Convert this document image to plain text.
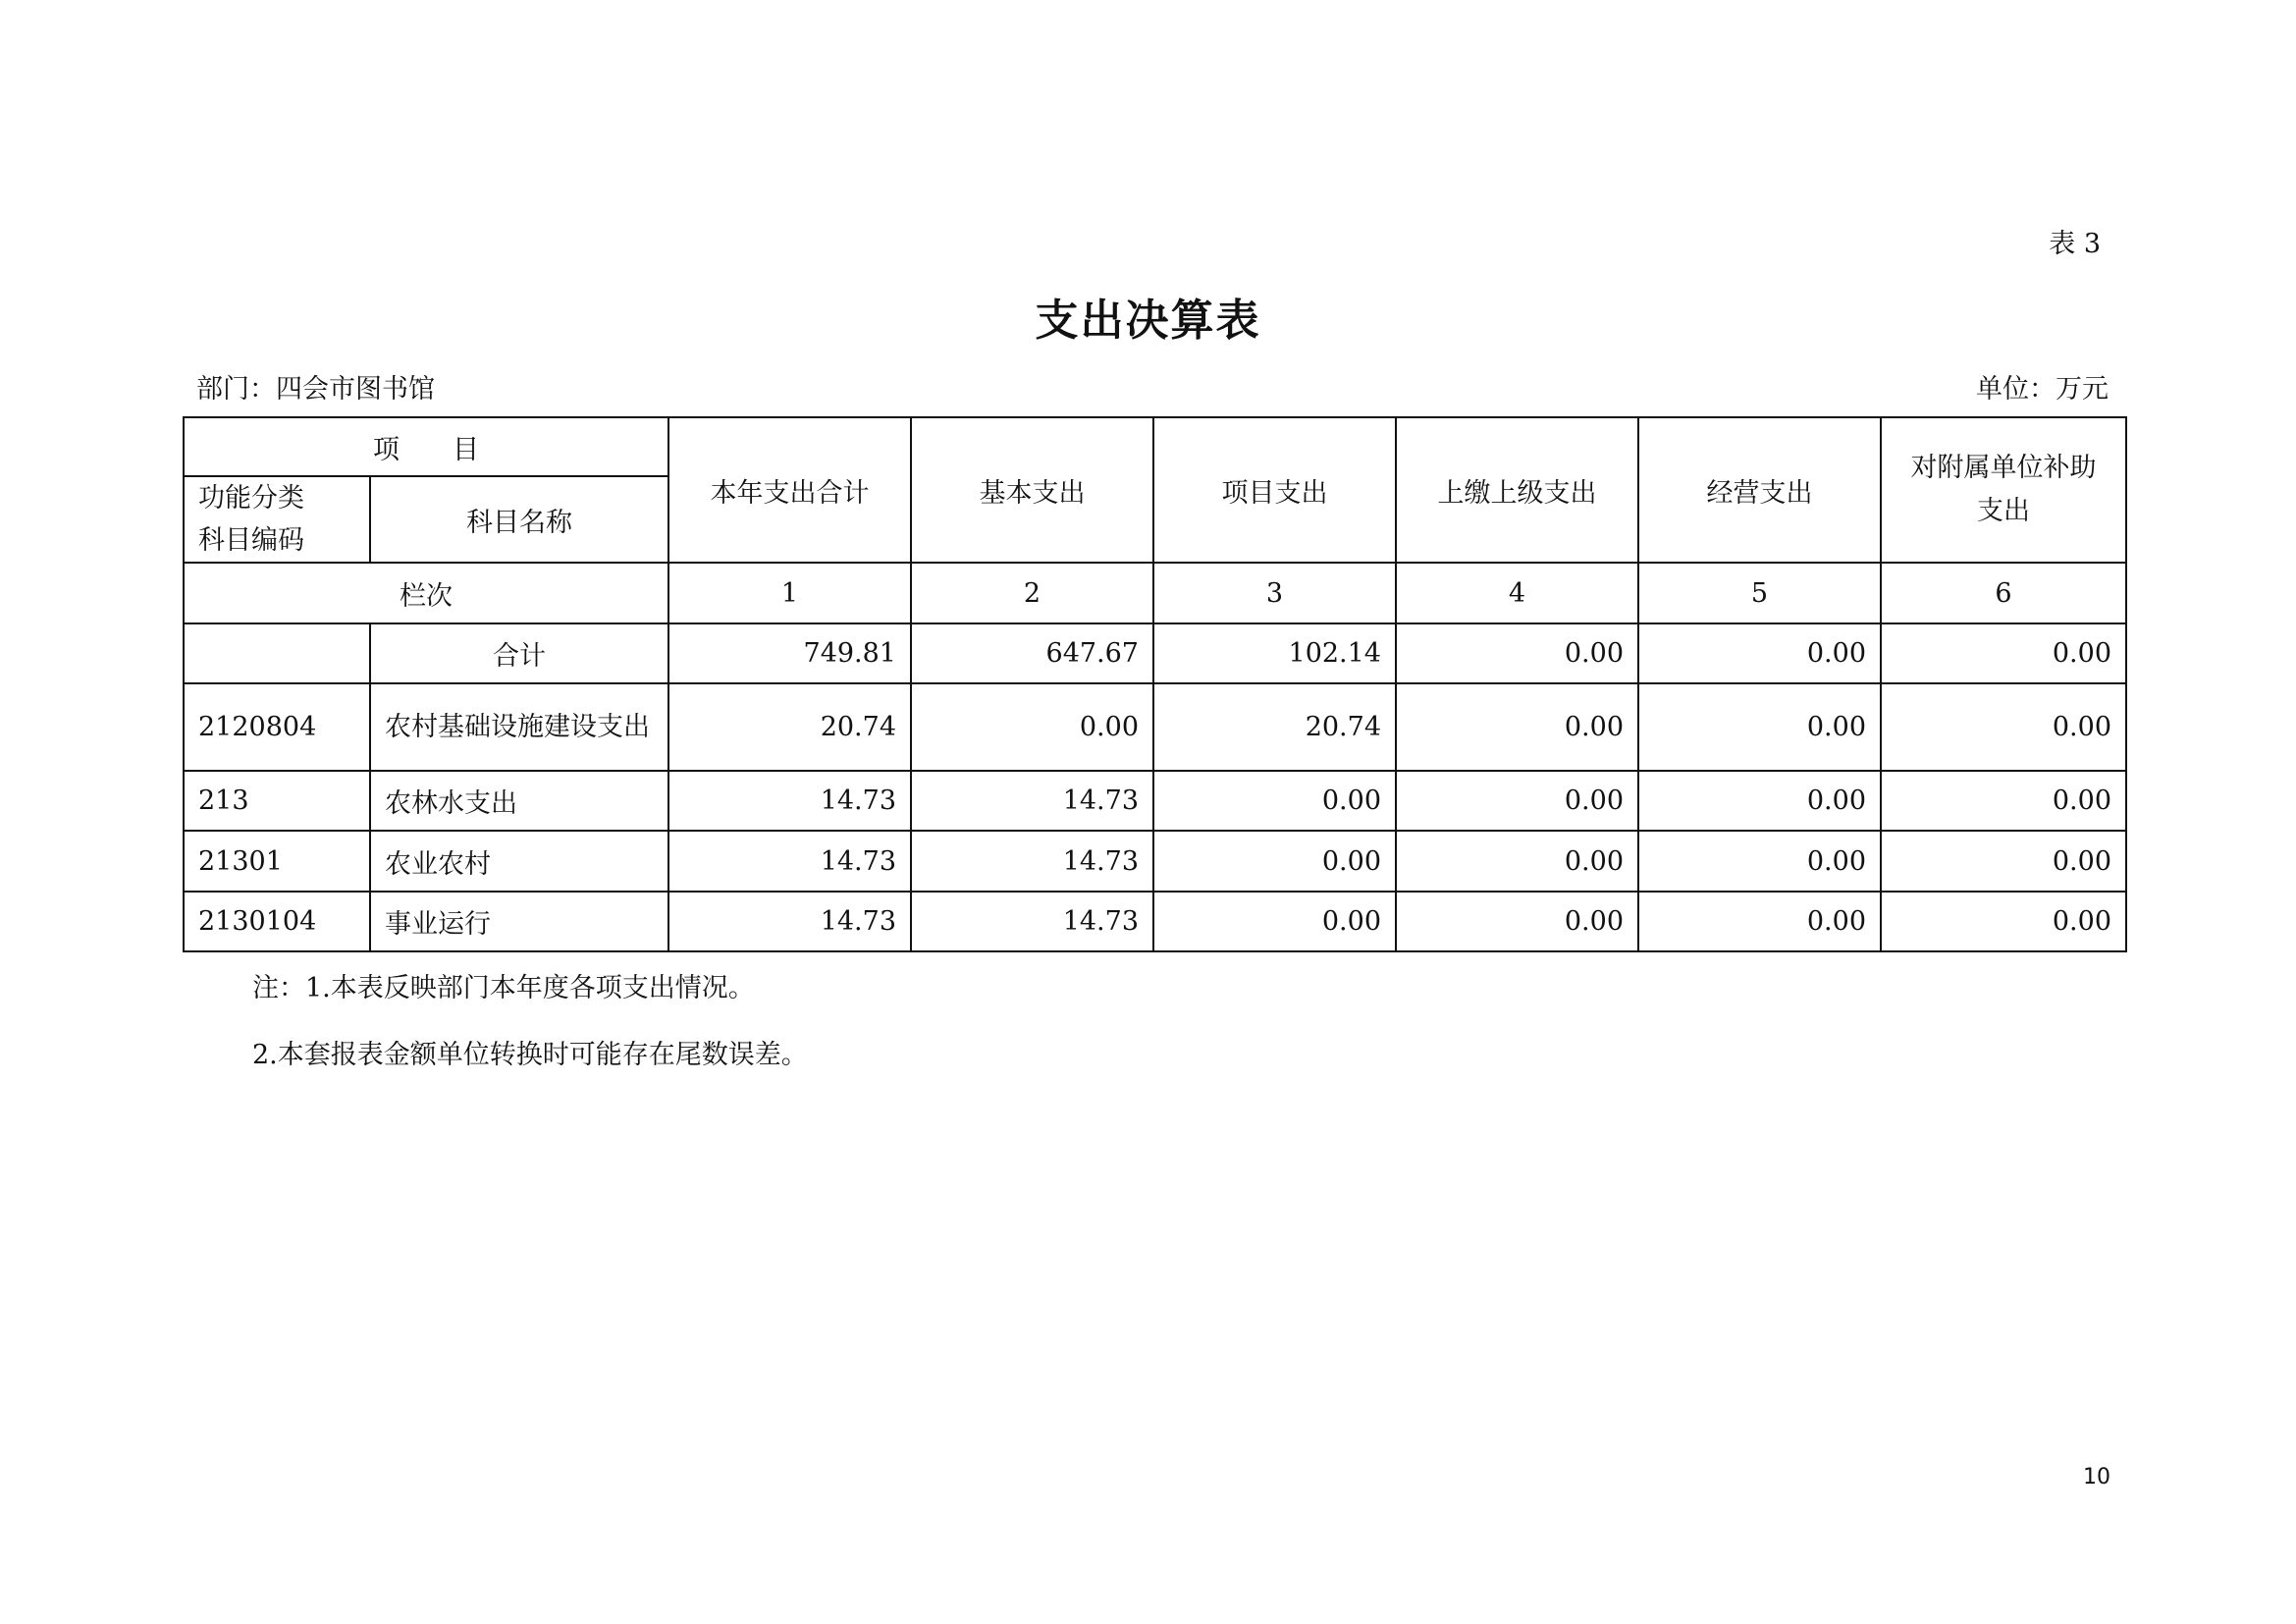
表 3
支出决算表
部门：四会市图书馆	单位：万元
项　　目		本年支出合计	基本支出	项目支出	上缴上级支出	经营支出	对附属单位补助
支出
功能分类
科目编码	科目名称						
栏次		1	2	3	4	5	6
	合计	749.81	647.67	102.14	0.00	0.00	0.00
2120804	农村基础设施建设支出	20.74	0.00	20.74	0.00	0.00	0.00
213	农林水支出	14.73	14.73	0.00	0.00	0.00	0.00
21301	农业农村	14.73	14.73	0.00	0.00	0.00	0.00
2130104	事业运行	14.73	14.73	0.00	0.00	0.00	0.00
注：1.本表反映部门本年度各项支出情况。
2.本套报表金额单位转换时可能存在尾数误差。
10
